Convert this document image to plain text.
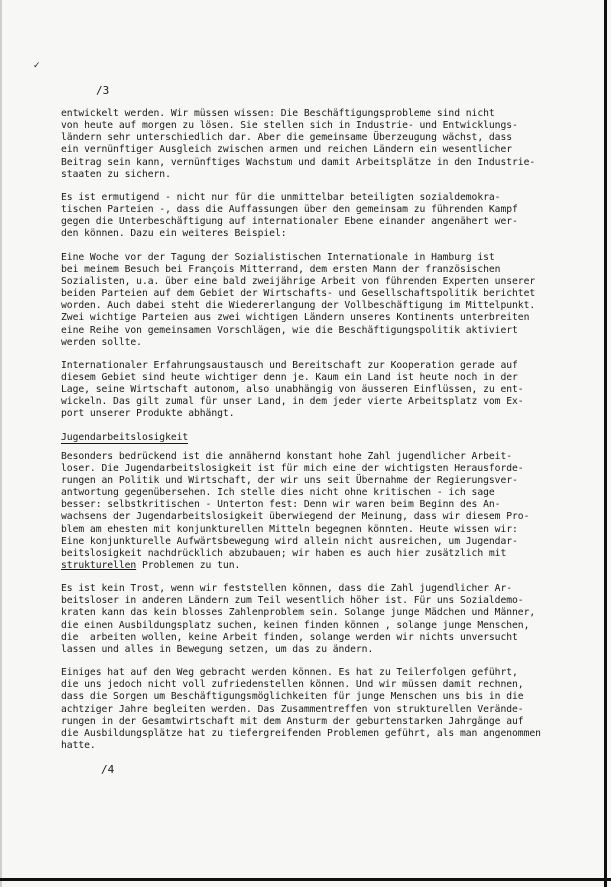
✓
/3
entwickelt werden. Wir müssen wissen: Die Beschäftigungsprobleme sind nicht
von heute auf morgen zu lösen. Sie stellen sich in Industrie- und Entwicklungs-
ländern sehr unterschiedlich dar. Aber die gemeinsame Überzeugung wächst, dass
ein vernünftiger Ausgleich zwischen armen und reichen Ländern ein wesentlicher
Beitrag sein kann, vernünftiges Wachstum und damit Arbeitsplätze in den Industrie-
staaten zu sichern.
Es ist ermutigend - nicht nur für die unmittelbar beteiligten sozialdemokra-
tischen Parteien -, dass die Auffassungen über den gemeinsam zu führenden Kampf
gegen die Unterbeschäftigung auf internationaler Ebene einander angenähert wer-
den können. Dazu ein weiteres Beispiel:
Eine Woche vor der Tagung der Sozialistischen Internationale in Hamburg ist
bei meinem Besuch bei François Mitterrand, dem ersten Mann der französischen
Sozialisten, u.a. über eine bald zweijährige Arbeit von führenden Experten unserer
beiden Parteien auf dem Gebiet der Wirtschafts- und Gesellschaftspolitik berichtet
worden. Auch dabei steht die Wiedererlangung der Vollbeschäftigung im Mittelpunkt.
Zwei wichtige Parteien aus zwei wichtigen Ländern unseres Kontinents unterbreiten
eine Reihe von gemeinsamen Vorschlägen, wie die Beschäftigungspolitik aktiviert
werden sollte.
Internationaler Erfahrungsaustausch und Bereitschaft zur Kooperation gerade auf
diesem Gebiet sind heute wichtiger denn je. Kaum ein Land ist heute noch in der
Lage, seine Wirtschaft autonom, also unabhängig von äusseren Einflüssen, zu ent-
wickeln. Das gilt zumal für unser Land, in dem jeder vierte Arbeitsplatz vom Ex-
port unserer Produkte abhängt.
Jugendarbeitslosigkeit
Besonders bedrückend ist die annähernd konstant hohe Zahl jugendlicher Arbeit-
loser. Die Jugendarbeitslosigkeit ist für mich eine der wichtigsten Herausforde-
rungen an Politik und Wirtschaft, der wir uns seit Übernahme der Regierungsver-
antwortung gegenübersehen. Ich stelle dies nicht ohne kritischen - ich sage
besser: selbstkritischen - Unterton fest: Denn wir waren beim Beginn des An-
wachsens der Jugendarbeitslosigkeit überwiegend der Meinung, dass wir diesem Pro-
blem am ehesten mit konjunkturellen Mitteln begegnen könnten. Heute wissen wir:
Eine konjunkturelle Aufwärtsbewegung wird allein nicht ausreichen, um Jugendar-
beitslosigkeit nachdrücklich abzubauen; wir haben es auch hier zusätzlich mit
strukturellen Problemen zu tun.
Es ist kein Trost, wenn wir feststellen können, dass die Zahl jugendlicher Ar-
beitsloser in anderen Ländern zum Teil wesentlich höher ist. Für uns Sozialdemo-
kraten kann das kein blosses Zahlenproblem sein. Solange junge Mädchen und Männer,
die einen Ausbildungsplatz suchen, keinen finden können , solange junge Menschen,
die  arbeiten wollen, keine Arbeit finden, solange werden wir nichts unversucht
lassen und alles in Bewegung setzen, um das zu ändern.
Einiges hat auf den Weg gebracht werden können. Es hat zu Teilerfolgen geführt,
die uns jedoch nicht voll zufriedenstellen können. Und wir müssen damit rechnen,
dass die Sorgen um Beschäftigungsmöglichkeiten für junge Menschen uns bis in die
achtziger Jahre begleiten werden. Das Zusammentreffen von strukturellen Verände-
rungen in der Gesamtwirtschaft mit dem Ansturm der geburtenstarken Jahrgänge auf
die Ausbildungsplätze hat zu tiefergreifenden Problemen geführt, als man angenommen
hatte.
/4
